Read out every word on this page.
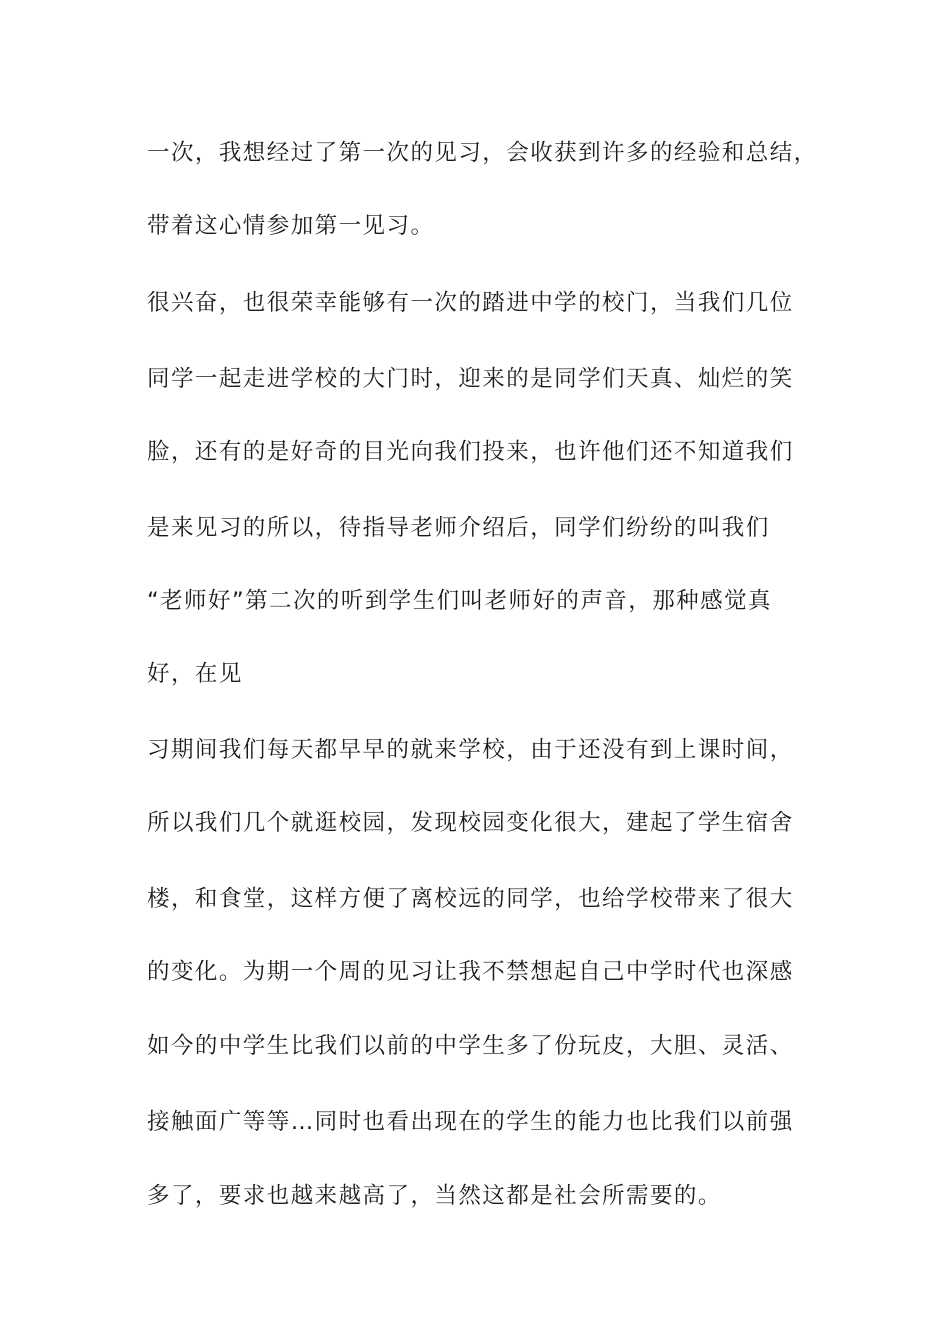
一次，我想经过了第一次的见习，会收获到许多的经验和总结，
带着这心情参加第一见习。
很兴奋，也很荣幸能够有一次的踏进中学的校门，当我们几位
同学一起走进学校的大门时，迎来的是同学们天真、灿烂的笑
脸，还有的是好奇的目光向我们投来，也许他们还不知道我们
是来见习的所以，待指导老师介绍后，同学们纷纷的叫我们
“老师好”第二次的听到学生们叫老师好的声音，那种感觉真
好，在见
习期间我们每天都早早的就来学校，由于还没有到上课时间，
所以我们几个就逛校园，发现校园变化很大，建起了学生宿舍
楼，和食堂，这样方便了离校远的同学，也给学校带来了很大
的变化。为期一个周的见习让我不禁想起自己中学时代也深感
如今的中学生比我们以前的中学生多了份玩皮，大胆、灵活、
接触面广等等…同时也看出现在的学生的能力也比我们以前强
多了，要求也越来越高了，当然这都是社会所需要的。
